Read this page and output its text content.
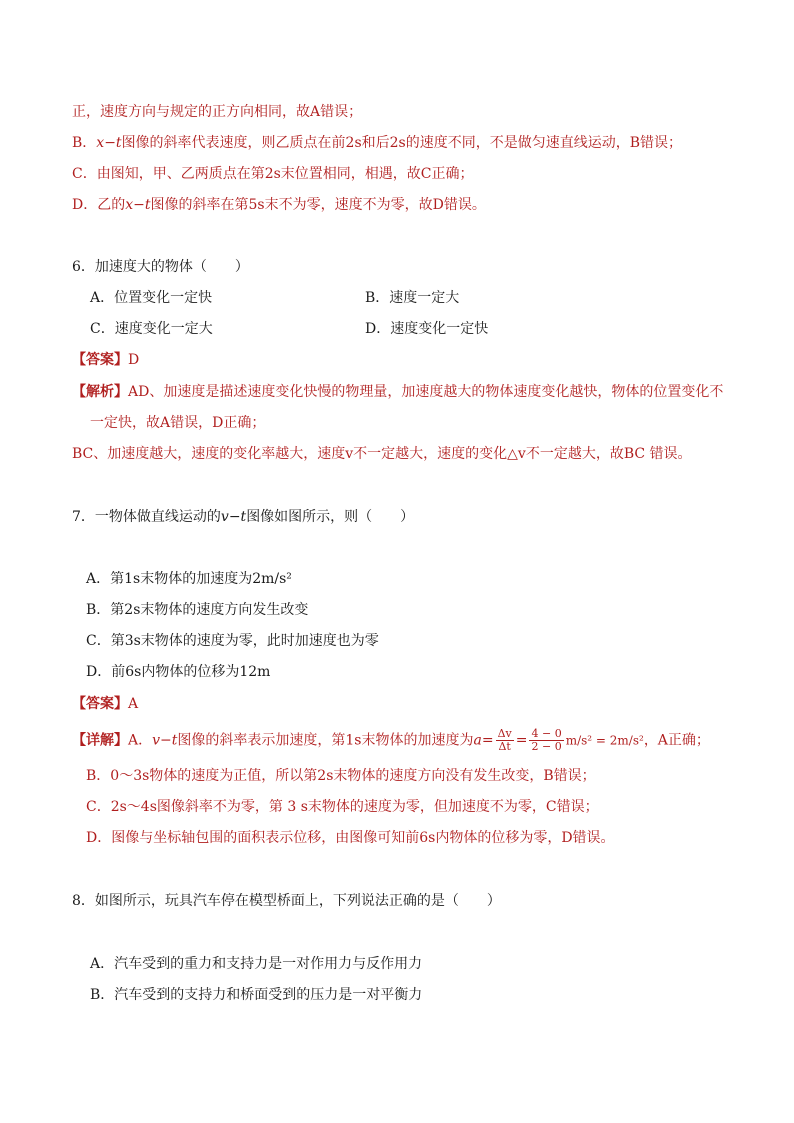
正，速度方向与规定的正方向相同，故A错误；
B．x−t图像的斜率代表速度，则乙质点在前2s和后2s的速度不同，不是做匀速直线运动，B错误；
C．由图知，甲、乙两质点在第2s末位置相同，相遇，故C正确；
D．乙的x−t图像的斜率在第5s末不为零，速度不为零，故D错误。
6．加速度大的物体（　　）
A．位置变化一定快	B．速度一定大
C．速度变化一定大	D．速度变化一定快
【答案】D
【解析】AD、加速度是描述速度变化快慢的物理量，加速度越大的物体速度变化越快，物体的位置变化不
一定快，故A错误，D正确；
BC、加速度越大，速度的变化率越大，速度v不一定越大，速度的变化△v不一定越大，故BC 错误。
7．一物体做直线运动的v−t图像如图所示，则（　　）
A．第1s末物体的加速度为2m/s²
B．第2s末物体的速度方向发生改变
C．第3s末物体的速度为零，此时加速度也为零
D．前6s内物体的位移为12m
【答案】A
【详解】A．v−t图像的斜率表示加速度，第1s末物体的加速度为$a= \frac{\Delta v}{\Delta t} = \frac{4 - 0}{2 - 0} m/s^2 = 2m/s^2$，A正确；
B．0～3s物体的速度为正值，所以第2s末物体的速度方向没有发生改变，B错误；
C．2s～4s图像斜率不为零，第 3 s末物体的速度为零，但加速度不为零，C错误；
D．图像与坐标轴包围的面积表示位移，由图像可知前6s内物体的位移为零，D错误。
8．如图所示，玩具汽车停在模型桥面上，下列说法正确的是（　　）
A．汽车受到的重力和支持力是一对作用力与反作用力
B．汽车受到的支持力和桥面受到的压力是一对平衡力
